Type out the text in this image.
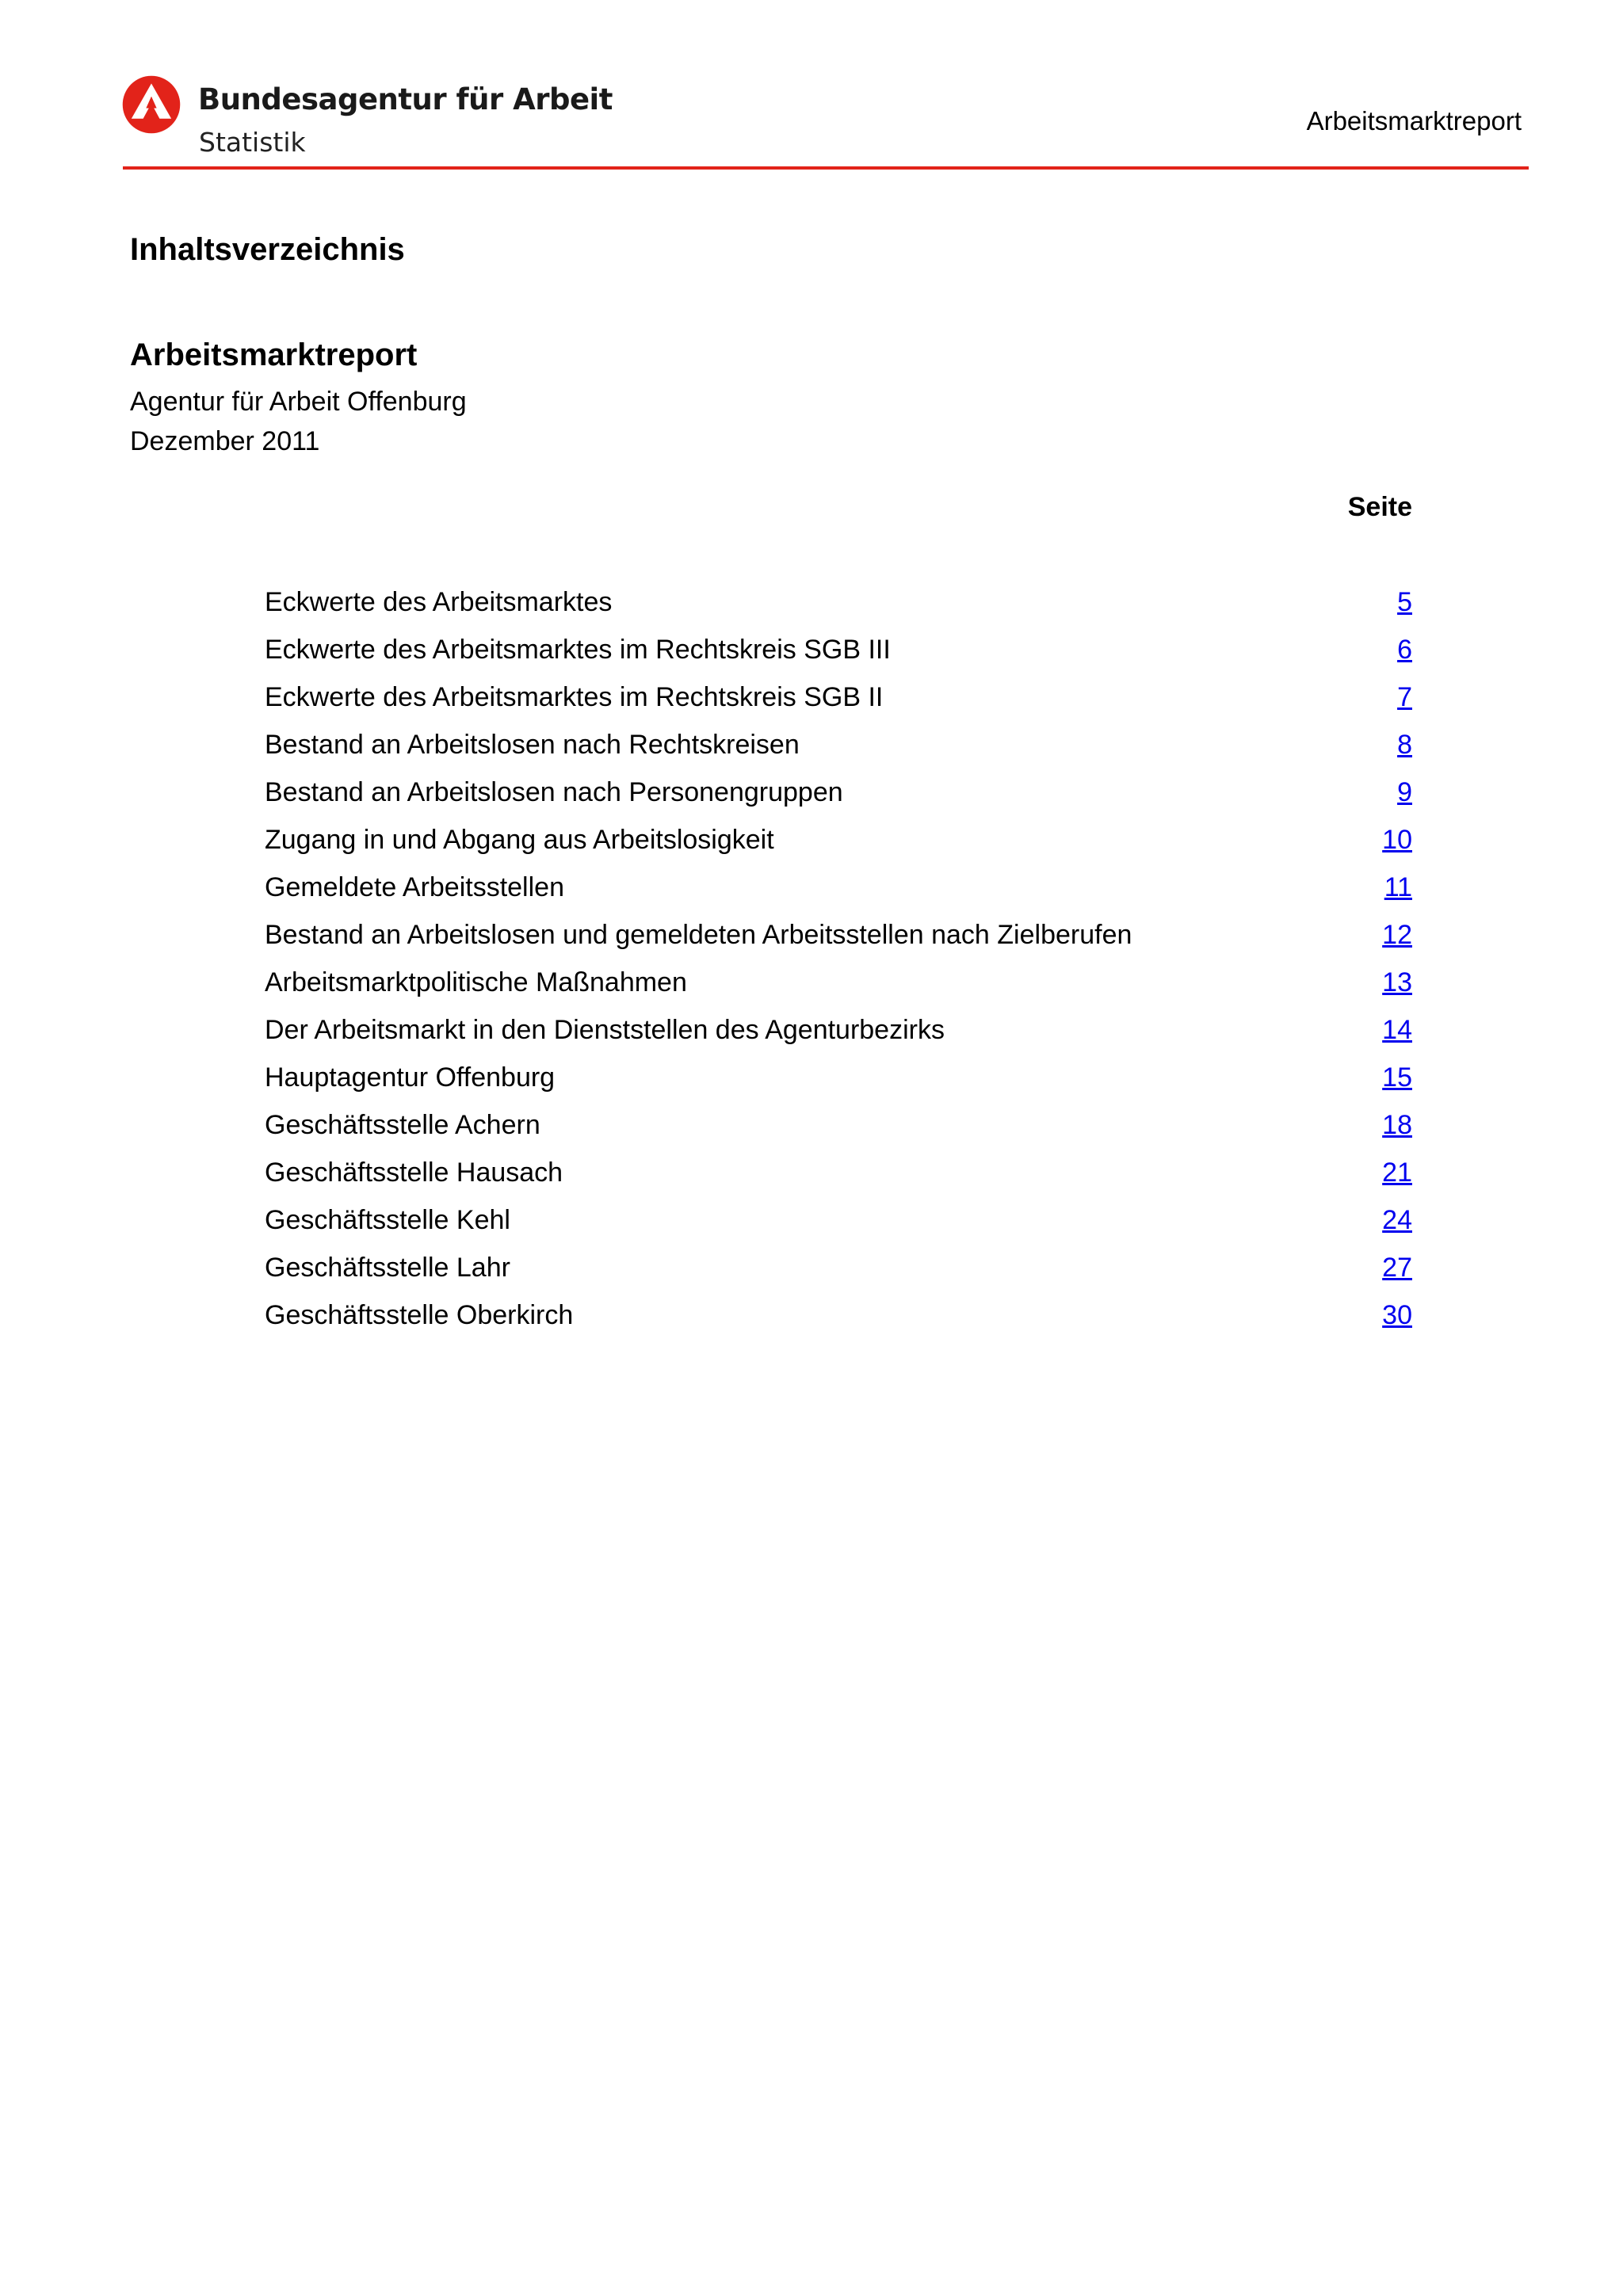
Bundesagentur für Arbeit
Statistik
Arbeitsmarktreport
Inhaltsverzeichnis
Arbeitsmarktreport
Agentur für Arbeit Offenburg
Dezember 2011
Seite
Eckwerte des Arbeitsmarktes	5
Eckwerte des Arbeitsmarktes im Rechtskreis SGB III	6
Eckwerte des Arbeitsmarktes im Rechtskreis SGB II	7
Bestand an Arbeitslosen nach Rechtskreisen	8
Bestand an Arbeitslosen nach Personengruppen	9
Zugang in und Abgang aus Arbeitslosigkeit	10
Gemeldete Arbeitsstellen	11
Bestand an Arbeitslosen und gemeldeten Arbeitsstellen nach Zielberufen	12
Arbeitsmarktpolitische Maßnahmen	13
Der Arbeitsmarkt in den Dienststellen des Agenturbezirks	14
Hauptagentur Offenburg	15
Geschäftsstelle Achern	18
Geschäftsstelle Hausach	21
Geschäftsstelle Kehl	24
Geschäftsstelle Lahr	27
Geschäftsstelle Oberkirch	30
